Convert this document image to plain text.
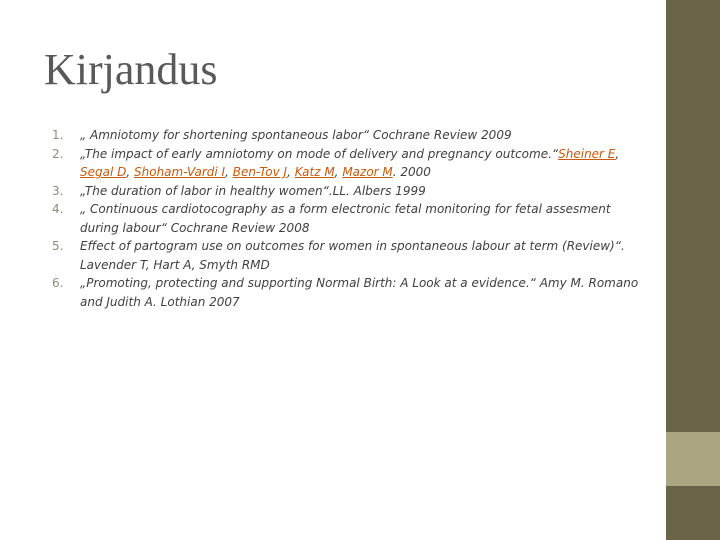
Kirjandus
1. „ Amniotomy for shortening spontaneous labor“ Cochrane Review 2009
2. „The impact of early amniotomy on mode of delivery and pregnancy outcome.“Sheiner E, Segal D, Shoham-Vardi I, Ben-Tov J, Katz M, Mazor M. 2000
3. „The duration of labor in healthy women“.LL. Albers 1999
4. „ Continuous cardiotocography as a form electronic fetal monitoring for fetal assesment during labour“ Cochrane Review 2008
5. Effect of partogram use on outcomes for women in spontaneous labour at term (Review)“. Lavender T, Hart A, Smyth RMD
6. „Promoting, protecting and supporting Normal Birth: A Look at a evidence.“ Amy M. Romano and Judith A. Lothian 2007
